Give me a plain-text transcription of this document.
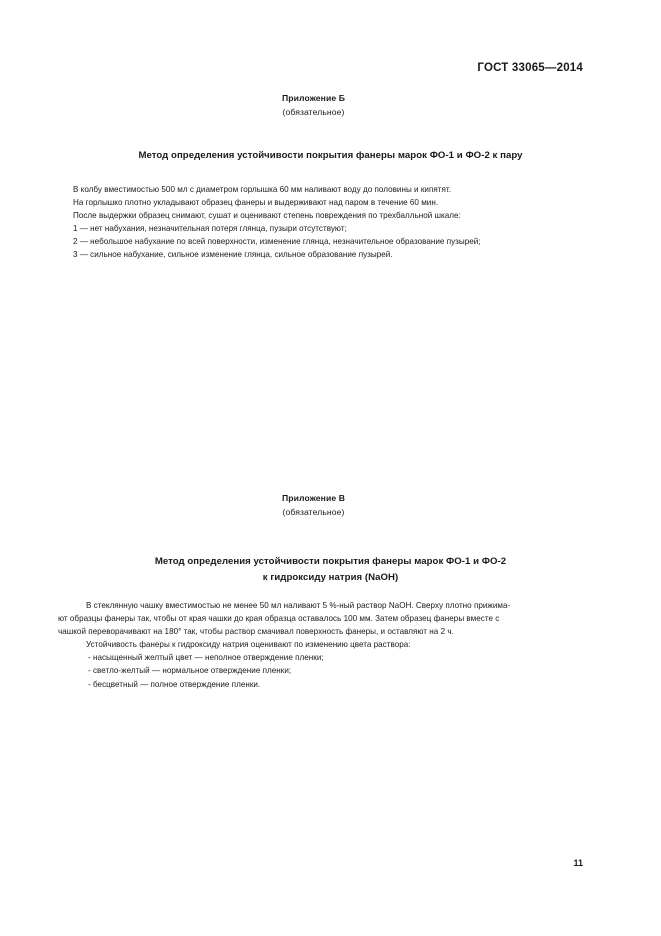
ГОСТ 33065—2014
Приложение Б
(обязательное)
Метод определения устойчивости покрытия фанеры марок ФО-1 и ФО-2 к пару
В колбу вместимостью 500 мл с диаметром горлышка 60 мм наливают воду до половины и кипятят.
На горлышко плотно укладывают образец фанеры и выдерживают над паром в течение 60 мин.
После выдержки образец снимают, сушат и оценивают степень повреждения по трехбалльной шкале:
1 — нет набухания, незначительная потеря глянца, пузыри отсутствуют;
2 — небольшое набухание по всей поверхности, изменение глянца, незначительное образование пузырей;
3 — сильное набухание, сильное изменение глянца, сильное образование пузырей.
Приложение В
(обязательное)
Метод определения устойчивости покрытия фанеры марок ФО-1 и ФО-2
к гидроксиду натрия (NaOH)
В стеклянную чашку вместимостью не менее 50 мл наливают 5 %-ный раствор NaOH. Сверху плотно прижима-
ют образцы фанеры так, чтобы от края чашки до края образца оставалось 100 мм. Затем образец фанеры вместе с
чашкой переворачивают на 180° так, чтобы раствор смачивал поверхность фанеры, и оставляют на 2 ч.
Устойчивость фанеры к гидроксиду натрия оценивают по изменению цвета раствора:
- насыщенный желтый цвет — неполное отверждение пленки;
- светло-желтый — нормальное отверждение пленки;
- бесцветный — полное отверждение пленки.
11
